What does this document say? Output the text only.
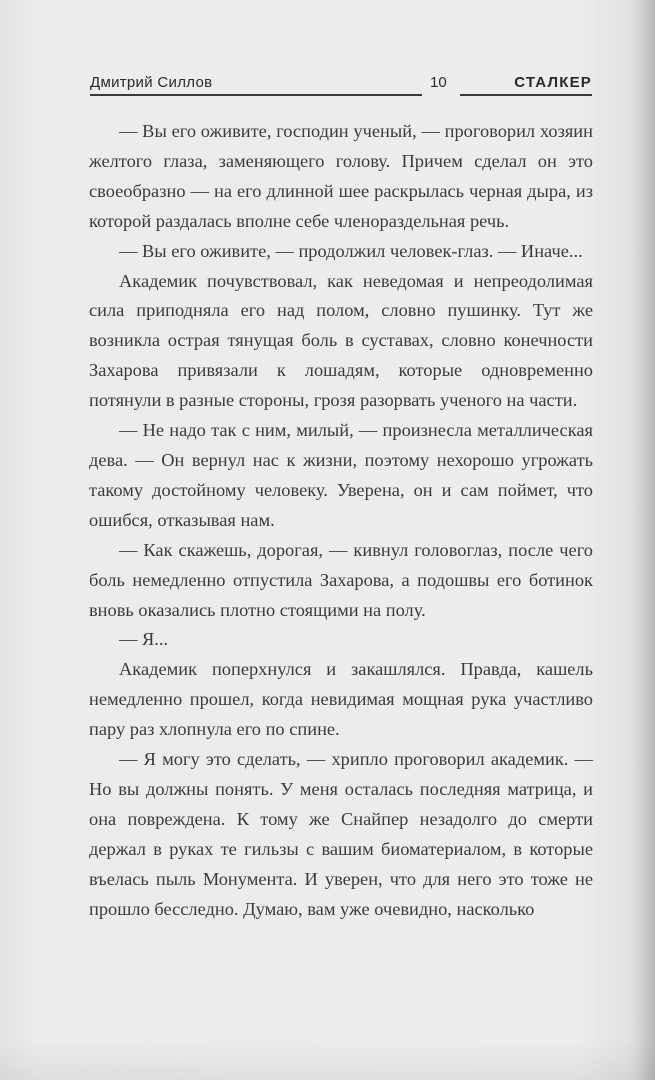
Дмитрий Силлов	10	СТАЛКЕР

— Вы его оживите, господин ученый, — проговорил хозяин желтого глаза, заменяющего голову. Причем сделал он это своеобразно — на его длинной шее раскрылась черная дыра, из которой раздалась вполне себе членораздельная речь.

— Вы его оживите, — продолжил человек-глаз. — Иначе...

Академик почувствовал, как неведомая и непреодолимая сила приподняла его над полом, словно пушинку. Тут же возникла острая тянущая боль в суставах, словно конечности Захарова привязали к лошадям, которые одновременно потянули в разные стороны, грозя разорвать ученого на части.

— Не надо так с ним, милый, — произнесла металлическая дева. — Он вернул нас к жизни, поэтому нехорошо угрожать такому достойному человеку. Уверена, он и сам поймет, что ошибся, отказывая нам.

— Как скажешь, дорогая, — кивнул головоглаз, после чего боль немедленно отпустила Захарова, а подошвы его ботинок вновь оказались плотно стоящими на полу.

— Я...

Академик поперхнулся и закашлялся. Правда, кашель немедленно прошел, когда невидимая мощная рука участливо пару раз хлопнула его по спине.

— Я могу это сделать, — хрипло проговорил академик. — Но вы должны понять. У меня осталась последняя матрица, и она повреждена. К тому же Снайпер незадолго до смерти держал в руках те гильзы с вашим биоматериалом, в которые въелась пыль Монумента. И уверен, что для него это тоже не прошло бесследно. Думаю, вам уже очевидно, насколько
